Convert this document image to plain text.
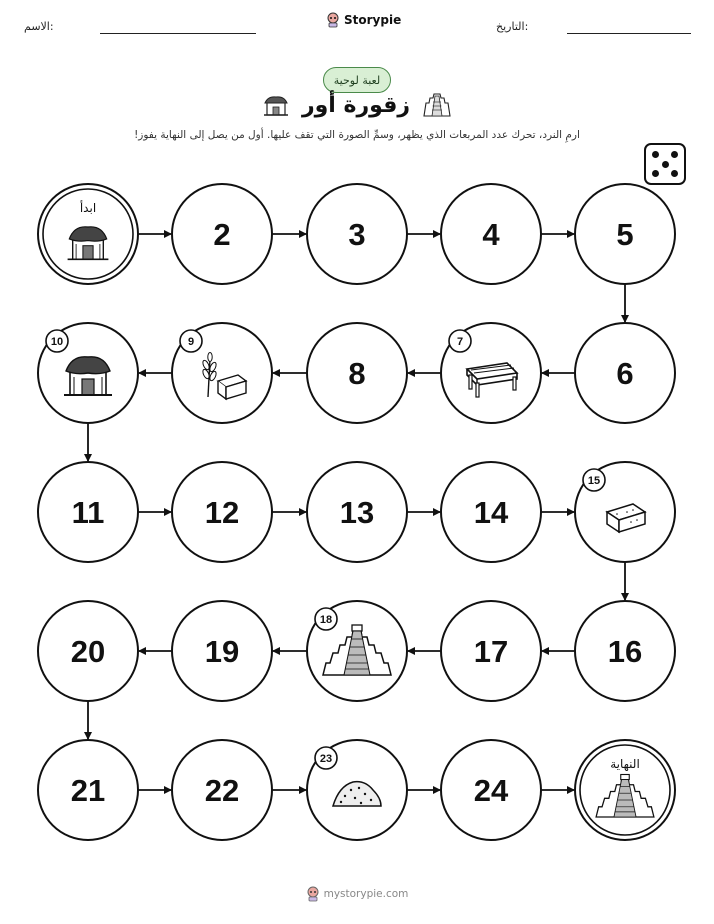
الاسم:	Storypie	التاريخ:
لعبة لوحية
زقورة أور
ارمِ النرد، تحرك عدد المربعات الذي يظهر، وسمِّ الصورة التي تقف عليها. أول من يصل إلى النهاية يفوز!
ابدأ
2	3	4	5
6
7
8
9
10
11	12	13	14
15
16
17
18
19
20
21	22
23
24
النهاية
mystorypie.com
